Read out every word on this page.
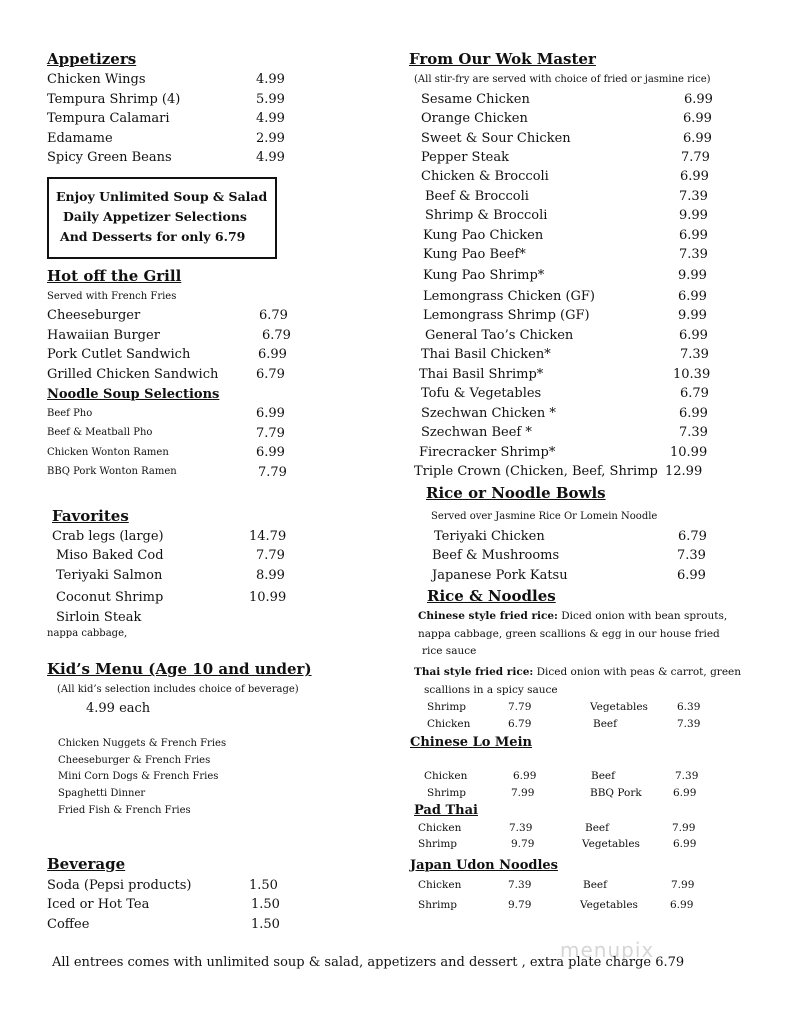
Appetizers
Chicken Wings	4.99
Tempura Shrimp (4)	5.99
Tempura Calamari	4.99
Edamame	2.99
Spicy Green Beans	4.99
Enjoy Unlimited Soup & Salad
Daily Appetizer Selections
And Desserts for only 6.79
Hot off the Grill
Served with French Fries
Cheeseburger	6.79
Hawaiian Burger	6.79
Pork Cutlet Sandwich	6.99
Grilled Chicken Sandwich	6.79
Noodle Soup Selections
Beef Pho	6.99
Beef & Meatball Pho	7.79
Chicken Wonton Ramen	6.99
BBQ Pork Wonton Ramen	7.79
Favorites
Crab legs (large)	14.79
Miso Baked Cod	7.79
Teriyaki Salmon	8.99
Coconut Shrimp	10.99
Sirloin Steak
nappa cabbage,
Kid’s Menu (Age 10 and under)
(All kid’s selection includes choice of beverage)
4.99 each
Chicken Nuggets & French Fries
Cheeseburger & French Fries
Mini Corn Dogs & French Fries
Spaghetti Dinner
Fried Fish & French Fries
Beverage
Soda (Pepsi products)	1.50
Iced or Hot Tea	1.50
Coffee	1.50
From Our Wok Master
(All stir-fry are served with choice of fried or jasmine rice)
Sesame Chicken	6.99
Orange Chicken	6.99
Sweet & Sour Chicken	6.99
Pepper Steak	7.79
Chicken & Broccoli	6.99
Beef & Broccoli	7.39
Shrimp & Broccoli	9.99
Kung Pao Chicken	6.99
Kung Pao Beef*	7.39
Kung Pao Shrimp*	9.99
Lemongrass Chicken (GF)	6.99
Lemongrass Shrimp (GF)	9.99
General Tao’s Chicken	6.99
Thai Basil Chicken*	7.39
Thai Basil Shrimp*	10.39
Tofu & Vegetables	6.79
Szechwan Chicken *	6.99
Szechwan Beef *	7.39
Firecracker Shrimp*	10.99
Triple Crown (Chicken, Beef, Shrimp 12.99
Rice or Noodle Bowls
Served over Jasmine Rice Or Lomein Noodle
Teriyaki Chicken	6.79
Beef & Mushrooms	7.39
Japanese Pork Katsu	6.99
Rice & Noodles
Chinese style fried rice: Diced onion with bean sprouts,
nappa cabbage, green scallions & egg in our house fried
rice sauce
Thai style fried rice: Diced onion with peas & carrot, green
scallions in a spicy sauce
Shrimp	7.79	Vegetables	6.39
Chicken	6.79	Beef	7.39
Chinese Lo Mein
Chicken	6.99	Beef	7.39
Shrimp	7.99	BBQ Pork	6.99
Pad Thai
Chicken	7.39	Beef	7.99
Shrimp	9.79	Vegetables	6.99
Japan Udon Noodles
Chicken	7.39	Beef	7.99
Shrimp	9.79	Vegetables	6.99
menupix
All entrees comes with unlimited soup & salad, appetizers and dessert , extra plate charge 6.79
